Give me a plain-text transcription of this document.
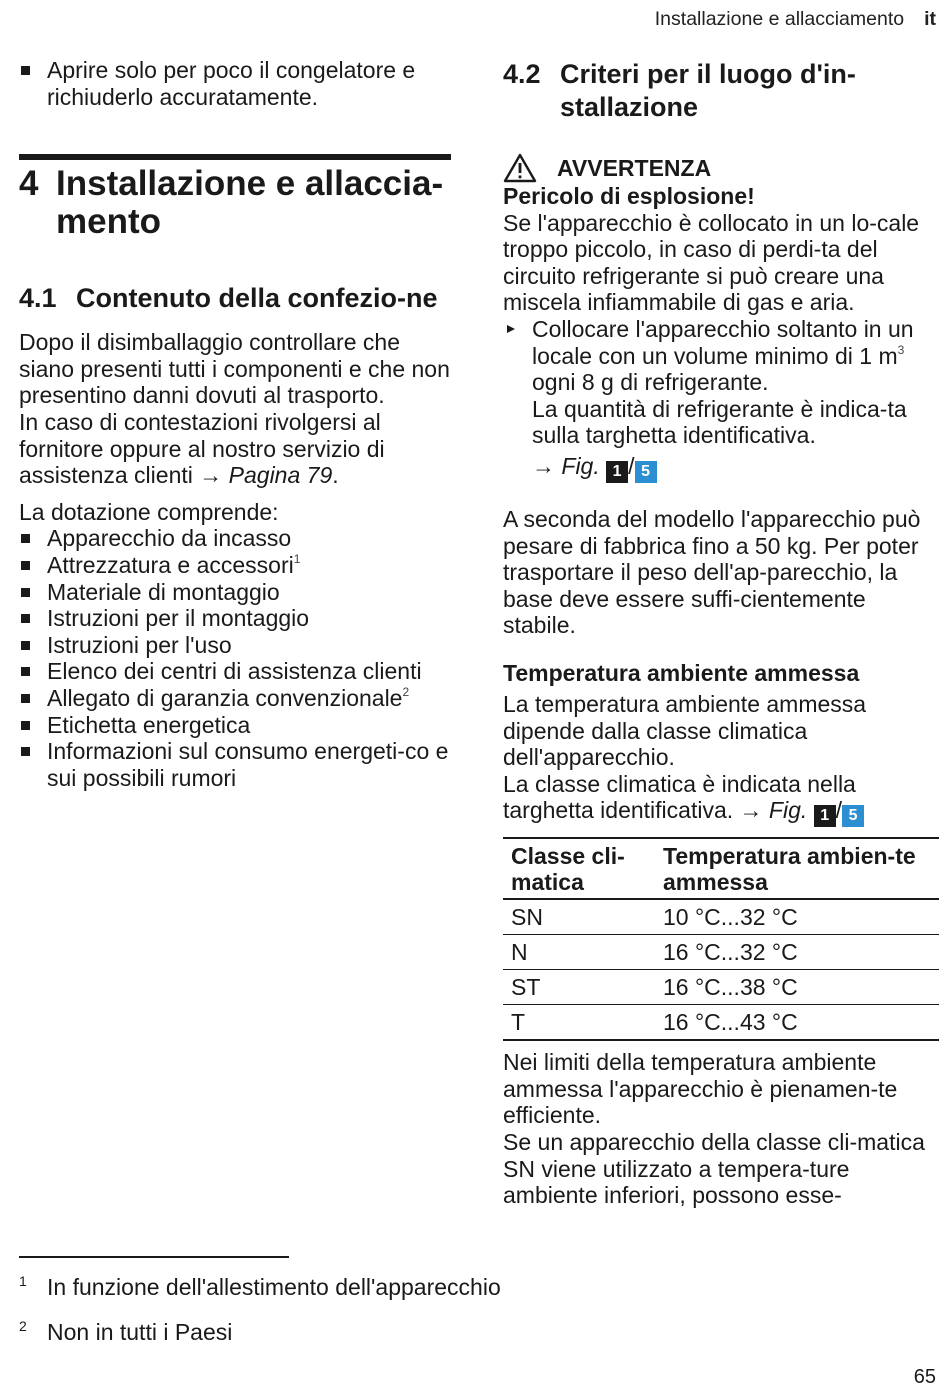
Installazione e allacciamento it
Aprire solo per poco il congelatore e richiuderlo accuratamente.
4 Installazione e allaccia-mento
4.1 Contenuto della confezio-ne

Dopo il disimballaggio controllare che siano presenti tutti i componenti e che non presentino danni dovuti al trasporto.

In caso di contestazioni rivolgersi al fornitore oppure al nostro servizio di assistenza clienti → Pagina 79.

La dotazione comprende:

Apparecchio da incasso
Attrezzatura e accessori$^1$
Materiale di montaggio
Istruzioni per il montaggio
Istruzioni per l'uso
Elenco dei centri di assistenza clienti
Allegato di garanzia convenzionale$^2$
Etichetta energetica
Informazioni sul consumo energeti-co e sui possibili rumori
4.2 Criteri per il luogo d'in-stallazione
AVVERTENZA

Pericolo di esplosione!

Se l'apparecchio è collocato in un lo-cale troppo piccolo, in caso di perdi-ta del circuito refrigerante si può creare una miscela infiammabile di gas e aria.

Collocare l'apparecchio soltanto in un locale con un volume minimo di 1 $m^3$ ogni 8 g di refrigerante.
La quantità di refrigerante è indica-ta sulla targhetta identificativa.
→ Fig. 1 / 5

A seconda del modello l'apparecchio può pesare di fabbrica fino a 50 kg. Per poter trasportare il peso dell'ap-parecchio, la base deve essere suffi-cientemente stabile.

Temperatura ambiente ammessa

La temperatura ambiente ammessa dipende dalla classe climatica dell'apparecchio.

La classe climatica è indicata nella targhetta identificativa. → Fig. 1 / 5

Classe cli-matica	Temperatura ambien-te ammessa
SN	10 °C...32 °C
N	16 °C...32 °C
ST	16 °C...38 °C
T	16 °C...43 °C

Nei limiti della temperatura ambiente ammessa l'apparecchio è pienamen-te efficiente.

Se un apparecchio della classe cli-matica SN viene utilizzato a tempera-ture ambiente inferiori, possono esse-

1 In funzione dell'allestimento dell'apparecchio
2 Non in tutti i Paesi
65
